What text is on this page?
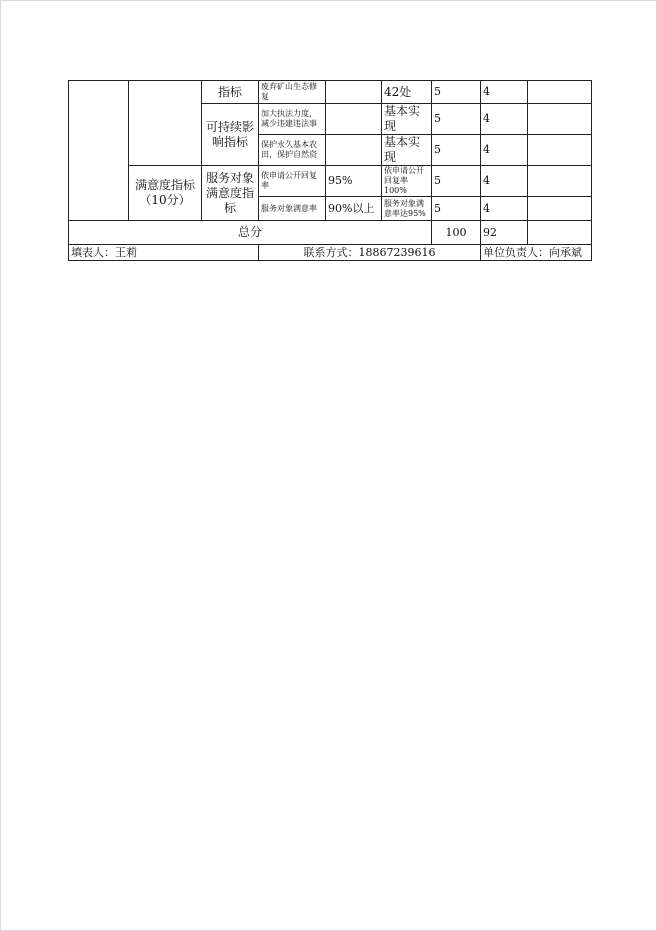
		指标	废弃矿山生态修复		42处	5	4	
		可持续影响指标	加大执法力度，减少违建违法事		基本实现	5	4	
			保护永久基本农田，保护自然资		基本实现	5	4	
	满意度指标（10分）	服务对象满意度指标	依申请公开回复率	95%	依申请公开回复率100%	5	4	
			服务对象满意率	90%以上	服务对象满意率达95%	5	4	
总分						100	92	
填表人：王莉			联系方式：18867239616				单位负责人：向承斌	
